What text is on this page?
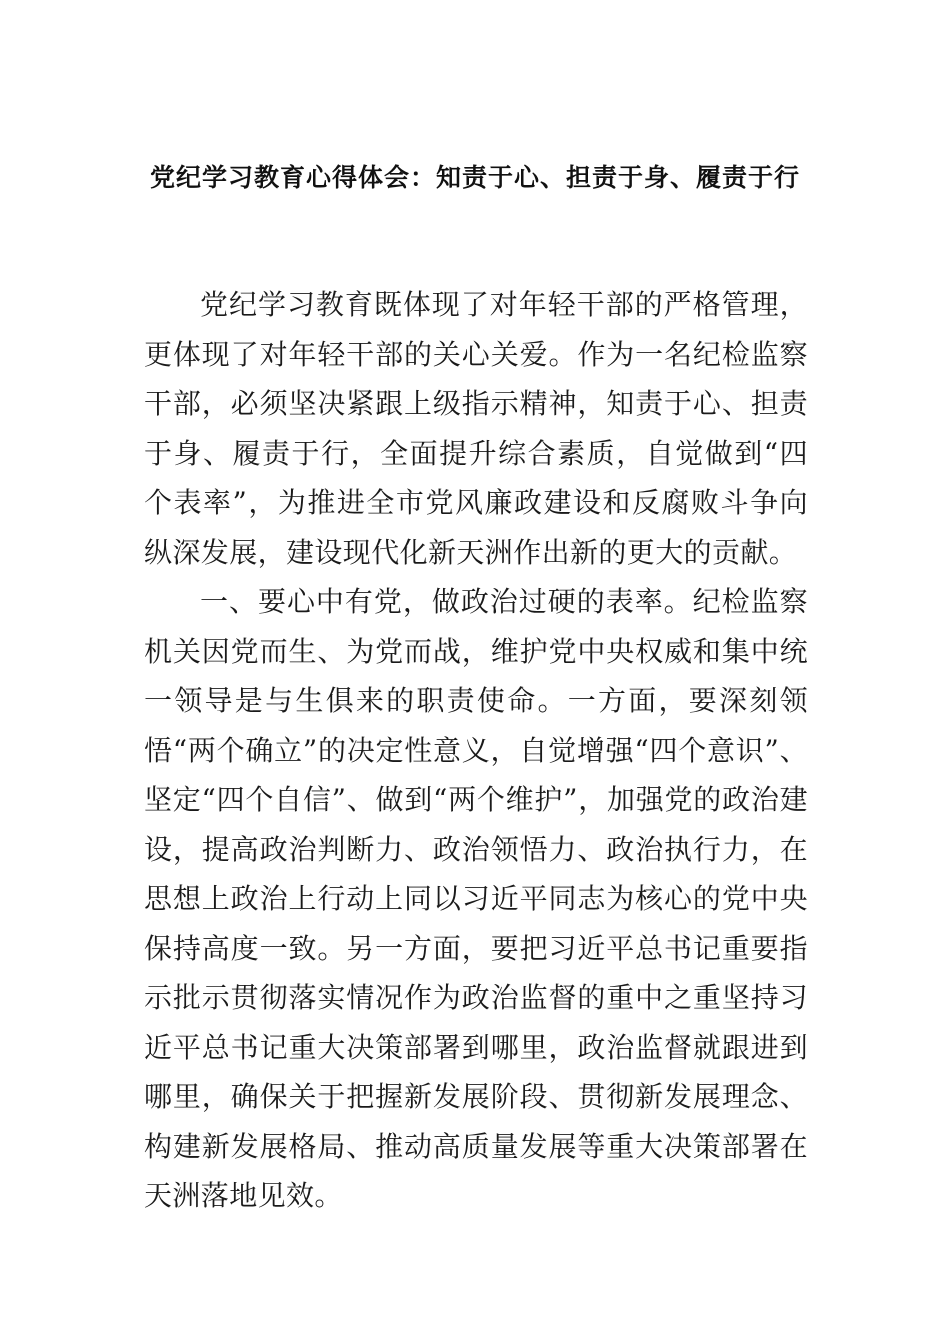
党纪学习教育心得体会：知责于心、担责于身、履责于行

党纪学习教育既体现了对年轻干部的严格管理，更体现了对年轻干部的关心关爱。作为一名纪检监察干部，必须坚决紧跟上级指示精神，知责于心、担责于身、履责于行，全面提升综合素质，自觉做到“四个表率”，为推进全市党风廉政建设和反腐败斗争向纵深发展，建设现代化新天洲作出新的更大的贡献。

一、要心中有党，做政治过硬的表率。纪检监察机关因党而生、为党而战，维护党中央权威和集中统一领导是与生俱来的职责使命。一方面，要深刻领悟“两个确立”的决定性意义，自觉增强“四个意识”、坚定“四个自信”、做到“两个维护”，加强党的政治建设，提高政治判断力、政治领悟力、政治执行力，在思想上政治上行动上同以习近平同志为核心的党中央保持高度一致。另一方面，要把习近平总书记重要指示批示贯彻落实情况作为政治监督的重中之重坚持习近平总书记重大决策部署到哪里，政治监督就跟进到哪里，确保关于把握新发展阶段、贯彻新发展理念、构建新发展格局、推动高质量发展等重大决策部署在天洲落地见效。
